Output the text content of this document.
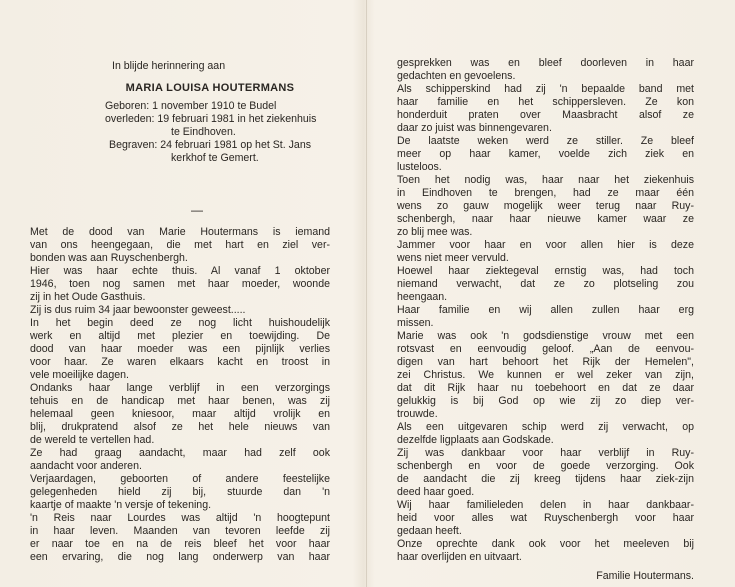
In blijde herinnering aan
MARIA LOUISA HOUTERMANS
Geboren: 1 november 1910 te Budel
overleden: 19 februari 1981 in het ziekenhuis
te Eindhoven.
Begraven: 24 februari 1981 op het St. Jans
kerkhof te Gemert.
—
Met de dood van Marie Houtermans is iemand
van ons heengegaan, die met hart en ziel ver-
bonden was aan Ruyschenbergh.
Hier was haar echte thuis. Al vanaf 1 oktober
1946, toen nog samen met haar moeder, woonde
zij in het Oude Gasthuis.
Zij is dus ruim 34 jaar bewoonster geweest.....
In het begin deed ze nog licht huishoudelijk
werk en altijd met plezier en toewijding. De
dood van haar moeder was een pijnlijk verlies
voor haar. Ze waren elkaars kacht en troost in
vele moeilijke dagen.
Ondanks haar lange verblijf in een verzorgings
tehuis en de handicap met haar benen, was zij
helemaal geen kniesoor, maar altijd vrolijk en
blij, drukpratend alsof ze het hele nieuws van
de wereld te vertellen had.
Ze had graag aandacht, maar had zelf ook
aandacht voor anderen.
Verjaardagen, geboorten of andere feestelijke
gelegenheden hield zij bij, stuurde dan 'n
kaartje of maakte 'n versje of tekening.
'n Reis naar Lourdes was altijd 'n hoogtepunt
in haar leven. Maanden van tevoren leefde zij
er naar toe en na de reis bleef het voor haar
een ervaring, die nog lang onderwerp van haar
gesprekken was en bleef doorleven in haar
gedachten en gevoelens.
Als schipperskind had zij 'n bepaalde band met
haar familie en het schippersleven. Ze kon
honderduit praten over Maasbracht alsof ze
daar zo juist was binnengevaren.
De laatste weken werd ze stiller. Ze bleef
meer op haar kamer, voelde zich ziek en
lusteloos.
Toen het nodig was, haar naar het ziekenhuis
in Eindhoven te brengen, had ze maar één
wens zo gauw mogelijk weer terug naar Ruy-
schenbergh, naar haar nieuwe kamer waar ze
zo blij mee was.
Jammer voor haar en voor allen hier is deze
wens niet meer vervuld.
Hoewel haar ziektegeval ernstig was, had toch
niemand verwacht, dat ze zo plotseling zou
heengaan.
Haar familie en wij allen zullen haar erg
missen.
Marie was ook 'n godsdienstige vrouw met een
rotsvast en eenvoudig geloof. „Aan de eenvou-
digen van hart behoort het Rijk der Hemelen",
zei Christus. We kunnen er wel zeker van zijn,
dat dit Rijk haar nu toebehoort en dat ze daar
gelukkig is bij God op wie zij zo diep ver-
trouwde.
Als een uitgevaren schip werd zij verwacht, op
dezelfde ligplaats aan Godskade.
Zij was dankbaar voor haar verblijf in Ruy-
schenbergh en voor de goede verzorging. Ook
de aandacht die zij kreeg tijdens haar ziek-zijn
deed haar goed.
Wij haar familieleden delen in haar dankbaar-
heid voor alles wat Ruyschenbergh voor haar
gedaan heeft.
Onze oprechte dank ook voor het meeleven bij
haar overlijden en uitvaart.
Familie Houtermans.
